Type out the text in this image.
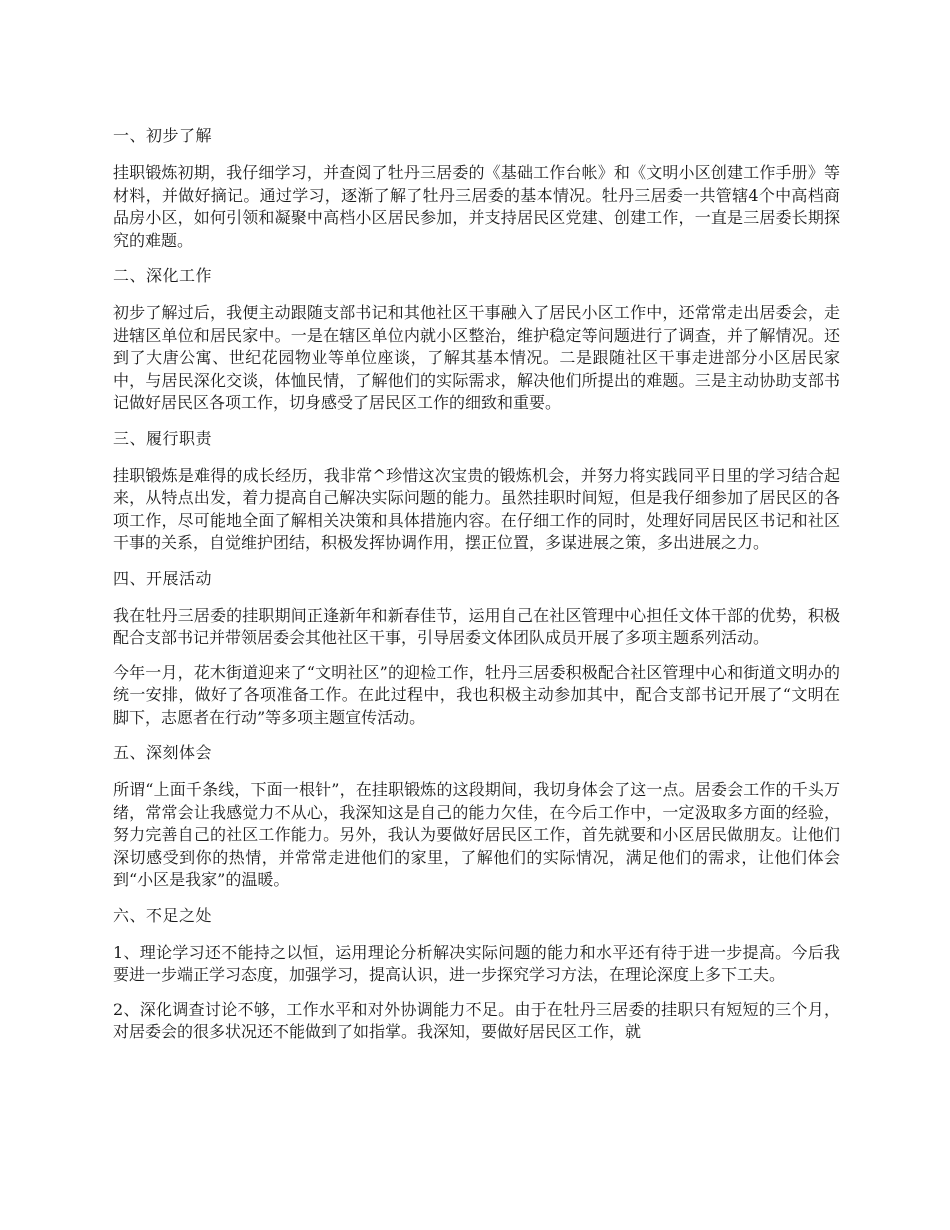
一、初步了解

挂职锻炼初期，我仔细学习，并查阅了牡丹三居委的《基础工作台帐》和《文明小区创建工作手册》等材料，并做好摘记。通过学习，逐渐了解了牡丹三居委的基本情况。牡丹三居委一共管辖4个中高档商品房小区，如何引领和凝聚中高档小区居民参加，并支持居民区党建、创建工作，一直是三居委长期探究的难题。

二、深化工作

初步了解过后，我便主动跟随支部书记和其他社区干事融入了居民小区工作中，还常常走出居委会，走进辖区单位和居民家中。一是在辖区单位内就小区整治，维护稳定等问题进行了调查，并了解情况。还到了大唐公寓、世纪花园物业等单位座谈，了解其基本情况。二是跟随社区干事走进部分小区居民家中，与居民深化交谈，体恤民情，了解他们的实际需求，解决他们所提出的难题。三是主动协助支部书记做好居民区各项工作，切身感受了居民区工作的细致和重要。

三、履行职责

挂职锻炼是难得的成长经历，我非常^珍惜这次宝贵的锻炼机会，并努力将实践同平日里的学习结合起来，从特点出发，着力提高自己解决实际问题的能力。虽然挂职时间短，但是我仔细参加了居民区的各项工作，尽可能地全面了解相关决策和具体措施内容。在仔细工作的同时，处理好同居民区书记和社区干事的关系，自觉维护团结，积极发挥协调作用，摆正位置，多谋进展之策，多出进展之力。

四、开展活动

我在牡丹三居委的挂职期间正逢新年和新春佳节，运用自己在社区管理中心担任文体干部的优势，积极配合支部书记并带领居委会其他社区干事，引导居委文体团队成员开展了多项主题系列活动。

今年一月，花木街道迎来了“文明社区”的迎检工作，牡丹三居委积极配合社区管理中心和街道文明办的统一安排，做好了各项准备工作。在此过程中，我也积极主动参加其中，配合支部书记开展了“文明在脚下，志愿者在行动”等多项主题宣传活动。

五、深刻体会

所谓“上面千条线，下面一根针”，在挂职锻炼的这段期间，我切身体会了这一点。居委会工作的千头万绪，常常会让我感觉力不从心，我深知这是自己的能力欠佳，在今后工作中，一定汲取多方面的经验，努力完善自己的社区工作能力。另外，我认为要做好居民区工作，首先就要和小区居民做朋友。让他们深切感受到你的热情，并常常走进他们的家里，了解他们的实际情况，满足他们的需求，让他们体会到“小区是我家”的温暖。

六、不足之处

1、理论学习还不能持之以恒，运用理论分析解决实际问题的能力和水平还有待于进一步提高。今后我要进一步端正学习态度，加强学习，提高认识，进一步探究学习方法，在理论深度上多下工夫。

2、深化调查讨论不够，工作水平和对外协调能力不足。由于在牡丹三居委的挂职只有短短的三个月，对居委会的很多状况还不能做到了如指掌。我深知，要做好居民区工作，就
